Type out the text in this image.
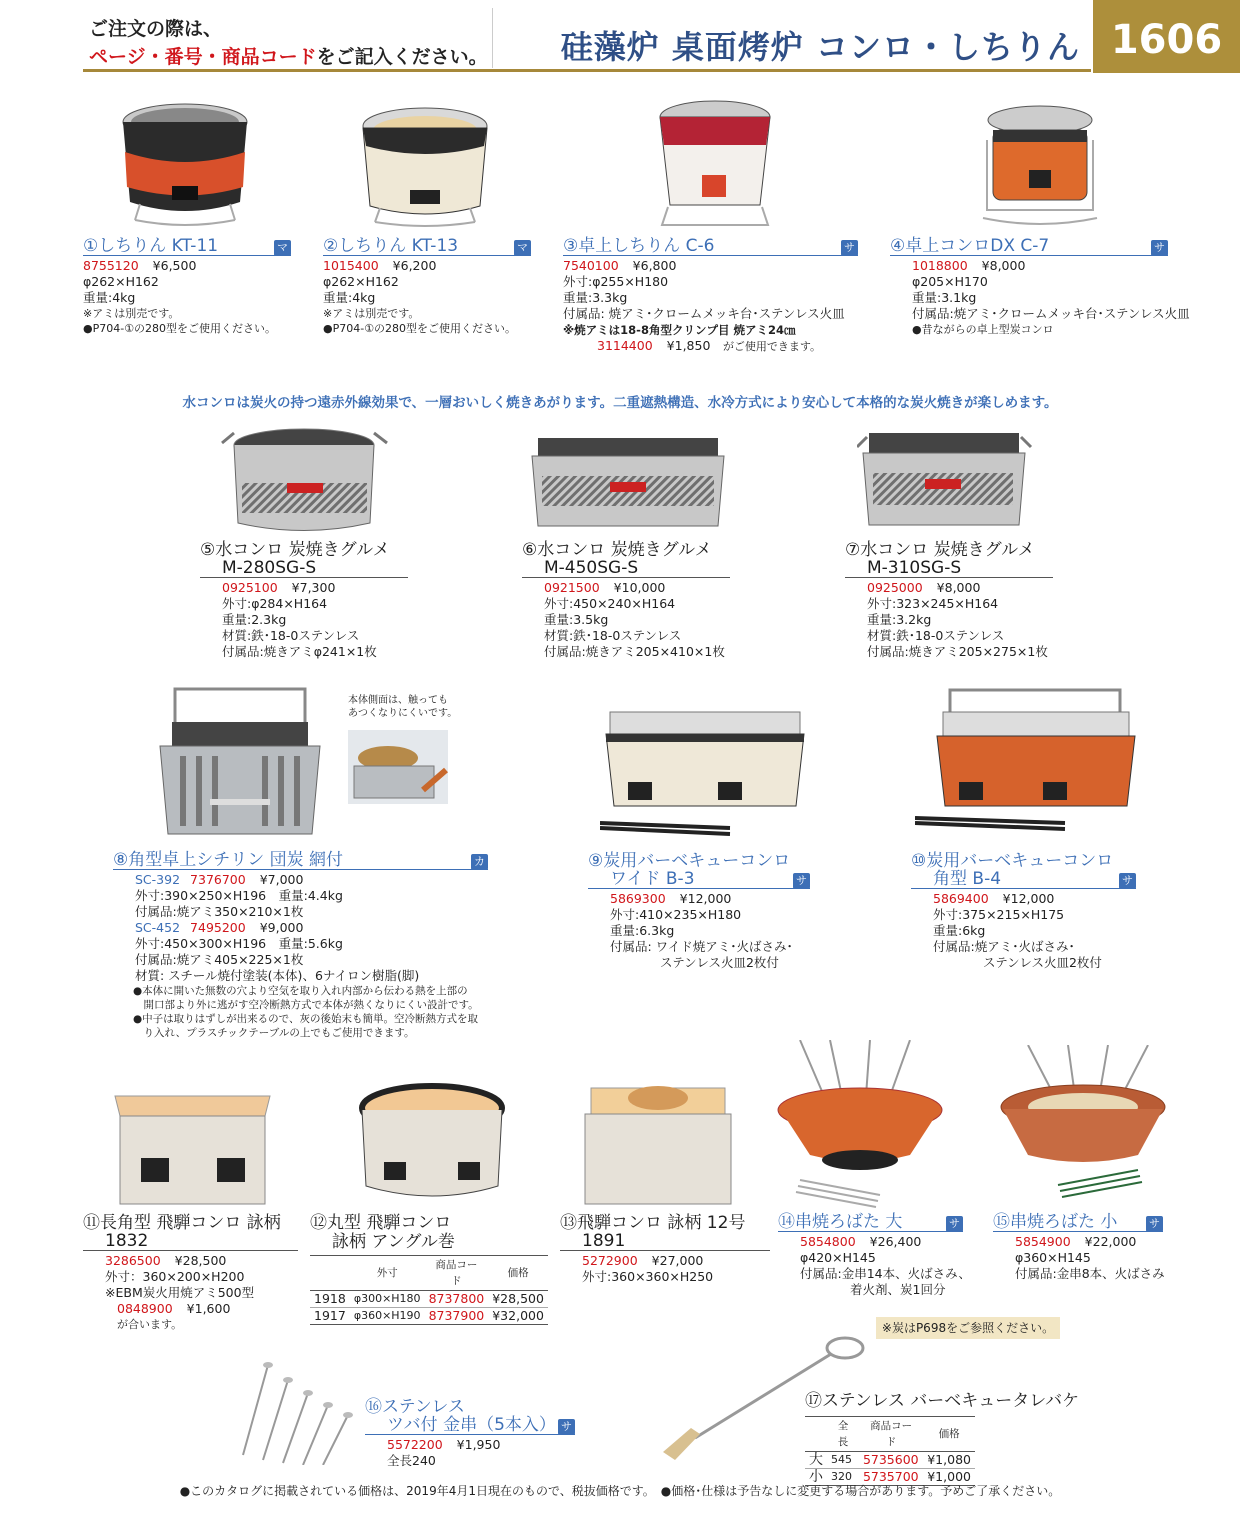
ご注文の際は、
ページ・番号・商品コードをご記入ください。 硅藻炉 桌面烤炉 コンロ・しちりん 1606
①しちりん KT-11	マ
8755120 ¥6,500
φ262×H162
重量:4kg
※アミは別売です。
●P704-①の280型をご使用ください。
②しちりん KT-13	マ
1015400 ¥6,200
φ262×H162
重量:4kg
※アミは別売です。
●P704-①の280型をご使用ください。
③卓上しちりん C-6	サ
7540100 ¥6,800
外寸:φ255×H180
重量:3.3kg
付属品: 焼アミ･クロームメッキ台･ステンレス火皿
※焼アミは18-8角型クリンプ目 焼アミ24㎝
3114400 ¥1,850　 がご使用できます。
④卓上コンロDX C-7	サ
1018800 ¥8,000
φ205×H170
重量:3.1kg
付属品:焼アミ･クロームメッキ台･ステンレス火皿
●昔ながらの卓上型炭コンロ
水コンロは炭火の持つ遠赤外線効果で、一層おいしく焼きあがります。二重遮熱構造、水冷方式により安心して本格的な炭火焼きが楽しめます。
⑤水コンロ 炭焼きグルメ
M-280SG-S
0925100 ¥7,300
外寸:φ284×H164
重量:2.3kg
材質:鉄･18-0ステンレス
付属品:焼きアミφ241×1枚
⑥水コンロ 炭焼きグルメ
M-450SG-S
0921500 ¥10,000
外寸:450×240×H164
重量:3.5kg
材質:鉄･18-0ステンレス
付属品:焼きアミ205×410×1枚
⑦水コンロ 炭焼きグルメ
M-310SG-S
0925000 ¥8,000
外寸:323×245×H164
重量:3.2kg
材質:鉄･18-0ステンレス
付属品:焼きアミ205×275×1枚
本体側面は、触っても
あつくなりにくいです。
⑧角型卓上シチリン 団炭 網付	カ
SC-392 7376700 ¥7,000
外寸:390×250×H196　重量:4.4kg
付属品:焼アミ350×210×1枚
SC-452 7495200 ¥9,000
外寸:450×300×H196　重量:5.6kg
付属品:焼アミ405×225×1枚
材質: スチール焼付塗装(本体)、6ナイロン樹脂(脚)
●本体に開いた無数の穴より空気を取り入れ内部から伝わる熱を上部の
　開口部より外に逃がす空冷断熱方式で本体が熱くなりにくい設計です。
●中子は取りはずしが出来るので、灰の後始末も簡単。空冷断熱方式を取
　り入れ、プラスチックテーブルの上でもご使用できます。
⑨炭用バーベキューコンロ
ワイド B-3	サ
5869300 ¥12,000
外寸:410×235×H180
重量:6.3kg
付属品: ワイド焼アミ･火ばさみ･
　　　　ステンレス火皿2枚付
⑩炭用バーベキューコンロ
角型 B-4	サ
5869400 ¥12,000
外寸:375×215×H175
重量:6kg
付属品:焼アミ･火ばさみ･
　　　　ステンレス火皿2枚付
⑪長角型 飛騨コンロ 詠柄
1832
3286500 ¥28,500
外寸：360×200×H200
※EBM炭火用焼アミ500型
0848900 ¥1,600
が合います。
⑫丸型 飛騨コンロ
詠柄 アングル巻
	外寸	商品コード	価格
1918	φ300×H180	8737800	¥28,500
1917	φ360×H190	8737900	¥32,000
⑬飛騨コンロ 詠柄 12号
1891
5272900 ¥27,000
外寸:360×360×H250
⑭串焼ろばた 大	サ
5854800 ¥26,400
φ420×H145
付属品:金串14本、火ばさみ、
　　　　着火剤、炭1回分
⑮串焼ろばた 小	サ
5854900 ¥22,000
φ360×H145
付属品:金串8本、火ばさみ
※炭はP698をご参照ください。
⑯ステンレス
ツバ付 金串（5本入） サ
5572200 ¥1,950
全長240
⑰ステンレス バーベキュータレバケ
	全長	商品コード	価格
大	545	5735600	¥1,080
小	320	5735700	¥1,000
●このカタログに掲載されている価格は、2019年4月1日現在のもので、税抜価格です。　●価格･仕様は予告なしに変更する場合があります。予めご了承ください。
